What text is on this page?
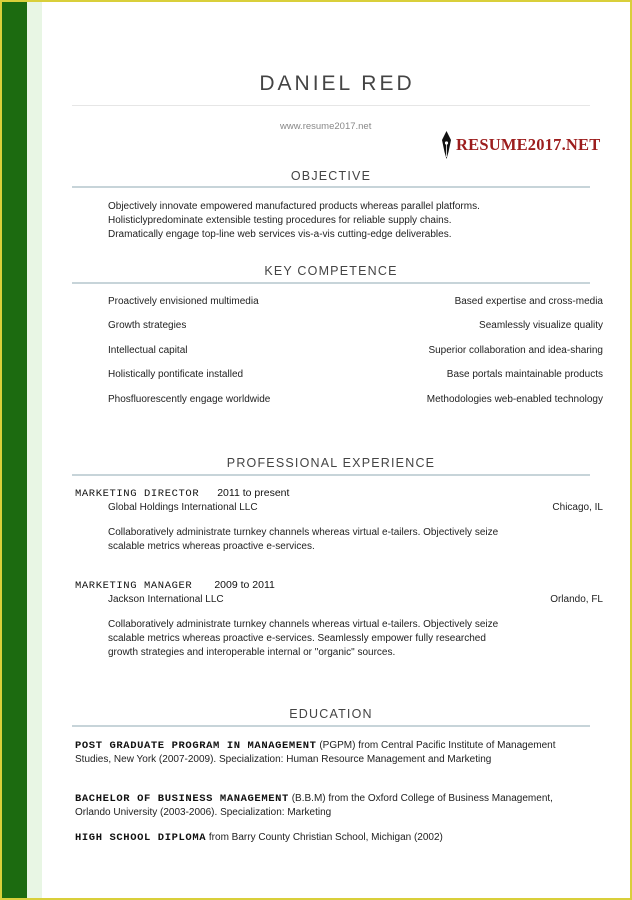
DANIEL RED
www.resume2017.net
RESUME2017.NET
OBJECTIVE
Objectively innovate empowered manufactured products whereas parallel platforms.
Holisticlypredominate extensible testing procedures for reliable supply chains.
Dramatically engage top-line web services vis-a-vis cutting-edge deliverables.
KEY COMPETENCE
Proactively envisioned multimedia
Growth strategies
Intellectual capital
Holistically pontificate installed
Phosfluorescently engage worldwide
Based expertise and cross-media
Seamlessly visualize quality
Superior collaboration and idea-sharing
Base portals maintainable products
Methodologies web-enabled technology
PROFESSIONAL EXPERIENCE
MARKETING DIRECTOR 2011 to present
Global Holdings International LLC	Chicago, IL
Collaboratively administrate turnkey channels whereas virtual e-tailers. Objectively seize
scalable metrics whereas proactive e-services.
MARKETING MANAGER 2009 to 2011
Jackson International LLC	Orlando, FL
Collaboratively administrate turnkey channels whereas virtual e-tailers. Objectively seize
scalable metrics whereas proactive e-services. Seamlessly empower fully researched
growth strategies and interoperable internal or "organic" sources.
EDUCATION
POST GRADUATE PROGRAM IN MANAGEMENT (PGPM) from Central Pacific Institute of Management Studies, New York (2007-2009). Specialization: Human Resource Management and Marketing
BACHELOR OF BUSINESS MANAGEMENT (B.B.M) from the Oxford College of Business Management, Orlando University (2003-2006). Specialization: Marketing
HIGH SCHOOL DIPLOMA from Barry County Christian School, Michigan (2002)
